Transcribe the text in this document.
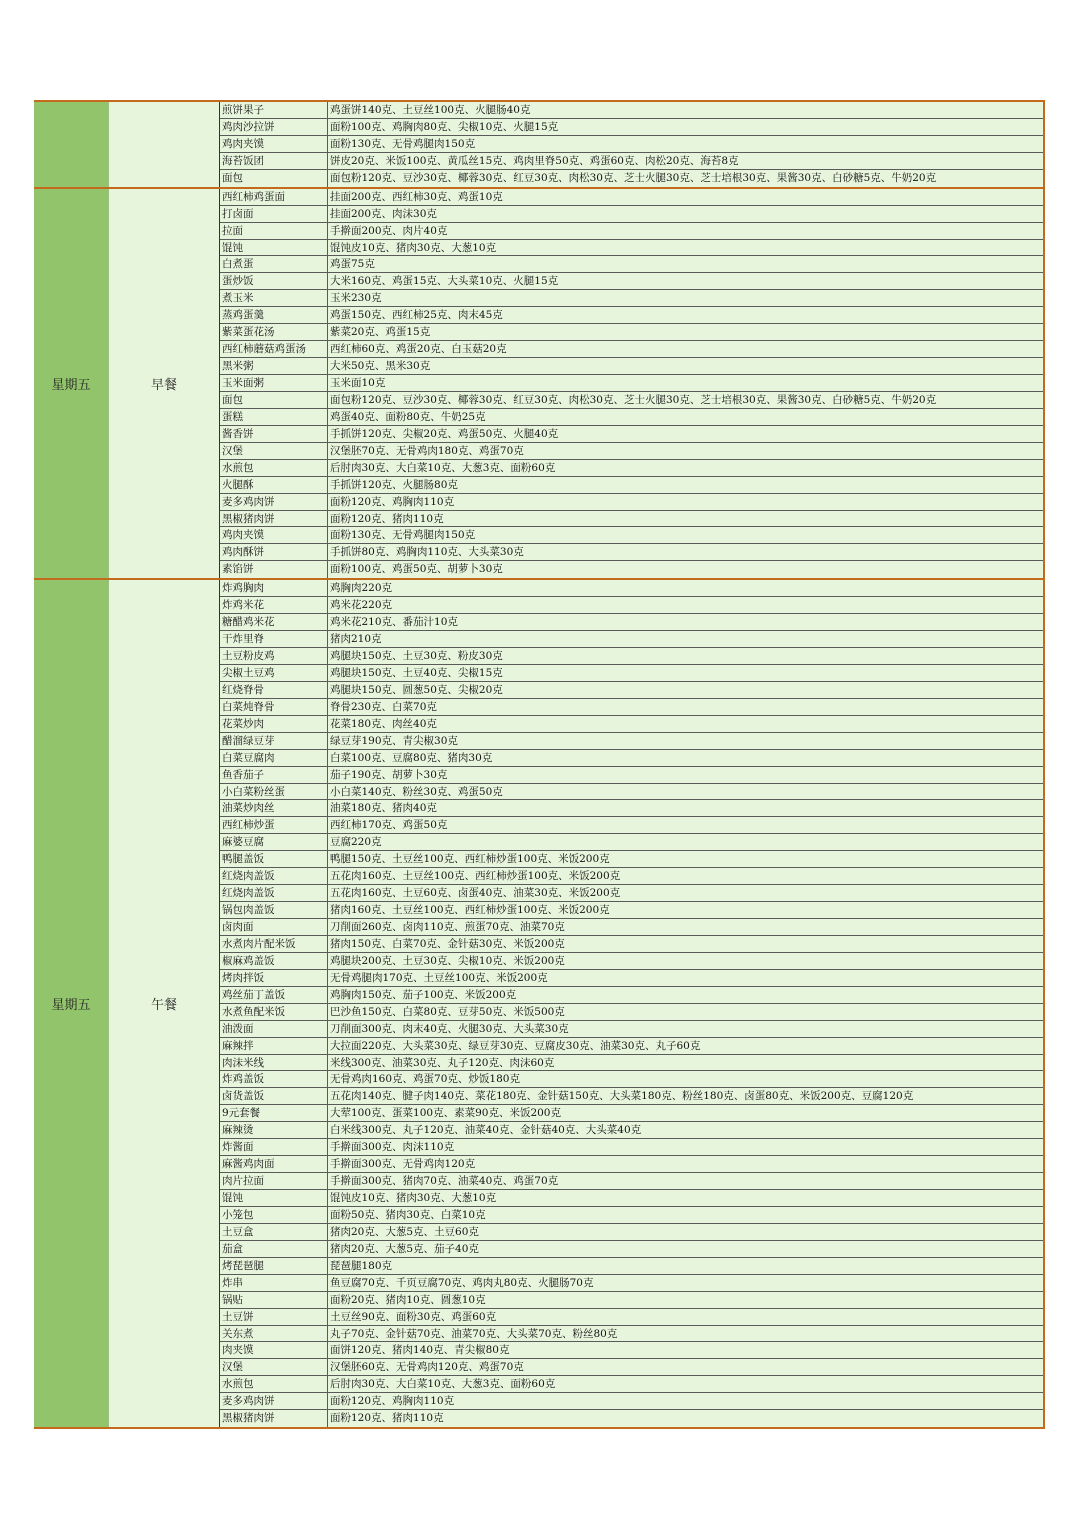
煎饼果子	鸡蛋饼140克、土豆丝100克、火腿肠40克
鸡肉沙拉饼	面粉100克、鸡胸肉80克、尖椒10克、火腿15克
鸡肉夹馍	面粉130克、无骨鸡腿肉150克
海苔饭团	饼皮20克、米饭100克、黄瓜丝15克、鸡肉里脊50克、鸡蛋60克、肉松20克、海苔8克
面包	面包粉120克、豆沙30克、椰蓉30克、红豆30克、肉松30克、芝士火腿30克、芝士培根30克、果酱30克、白砂糖5克、牛奶20克
星期五	早餐
西红柿鸡蛋面	挂面200克、西红柿30克、鸡蛋10克
打卤面	挂面200克、肉沫30克
拉面	手擀面200克、肉片40克
馄饨	馄饨皮10克、猪肉30克、大葱10克
白煮蛋	鸡蛋75克
蛋炒饭	大米160克、鸡蛋15克、大头菜10克、火腿15克
煮玉米	玉米230克
蒸鸡蛋羹	鸡蛋150克、西红柿25克、肉末45克
紫菜蛋花汤	紫菜20克、鸡蛋15克
西红柿蘑菇鸡蛋汤	西红柿60克、鸡蛋20克、白玉菇20克
黑米粥	大米50克、黑米30克
玉米面粥	玉米面10克
面包	面包粉120克、豆沙30克、椰蓉30克、红豆30克、肉松30克、芝士火腿30克、芝士培根30克、果酱30克、白砂糖5克、牛奶20克
蛋糕	鸡蛋40克、面粉80克、牛奶25克
酱香饼	手抓饼120克、尖椒20克、鸡蛋50克、火腿40克
汉堡	汉堡胚70克、无骨鸡肉180克、鸡蛋70克
水煎包	后肘肉30克、大白菜10克、大葱3克、面粉60克
火腿酥	手抓饼120克、火腿肠80克
麦多鸡肉饼	面粉120克、鸡胸肉110克
黑椒猪肉饼	面粉120克、猪肉110克
鸡肉夹馍	面粉130克、无骨鸡腿肉150克
鸡肉酥饼	手抓饼80克、鸡胸肉110克、大头菜30克
素馅饼	面粉100克、鸡蛋50克、胡萝卜30克
星期五	午餐
炸鸡胸肉	鸡胸肉220克
炸鸡米花	鸡米花220克
糖醋鸡米花	鸡米花210克、番茄汁10克
干炸里脊	猪肉210克
土豆粉皮鸡	鸡腿块150克、土豆30克、粉皮30克
尖椒土豆鸡	鸡腿块150克、土豆40克、尖椒15克
红烧脊骨	鸡腿块150克、圆葱50克、尖椒20克
白菜炖脊骨	脊骨230克、白菜70克
花菜炒肉	花菜180克、肉丝40克
醋溜绿豆芽	绿豆芽190克、青尖椒30克
白菜豆腐肉	白菜100克、豆腐80克、猪肉30克
鱼香茄子	茄子190克、胡萝卜30克
小白菜粉丝蛋	小白菜140克、粉丝30克、鸡蛋50克
油菜炒肉丝	油菜180克、猪肉40克
西红柿炒蛋	西红柿170克、鸡蛋50克
麻婆豆腐	豆腐220克
鸭腿盖饭	鸭腿150克、土豆丝100克、西红柿炒蛋100克、米饭200克
红烧肉盖饭	五花肉160克、土豆丝100克、西红柿炒蛋100克、米饭200克
红烧肉盖饭	五花肉160克、土豆60克、卤蛋40克、油菜30克、米饭200克
锅包肉盖饭	猪肉160克、土豆丝100克、西红柿炒蛋100克、米饭200克
卤肉面	刀削面260克、卤肉110克、煎蛋70克、油菜70克
水煮肉片配米饭	猪肉150克、白菜70克、金针菇30克、米饭200克
椒麻鸡盖饭	鸡腿块200克、土豆30克、尖椒10克、米饭200克
烤肉拌饭	无骨鸡腿肉170克、土豆丝100克、米饭200克
鸡丝茄丁盖饭	鸡胸肉150克、茄子100克、米饭200克
水煮鱼配米饭	巴沙鱼150克、白菜80克、豆芽50克、米饭500克
油泼面	刀削面300克、肉末40克、火腿30克、大头菜30克
麻辣拌	大拉面220克、大头菜30克、绿豆芽30克、豆腐皮30克、油菜30克、丸子60克
肉沫米线	米线300克、油菜30克、丸子120克、肉沫60克
炸鸡盖饭	无骨鸡肉160克、鸡蛋70克、炒饭180克
卤货盖饭	五花肉140克、腱子肉140克、菜花180克、金针菇150克、大头菜180克、粉丝180克、卤蛋80克、米饭200克、豆腐120克
9元套餐	大荤100克、蛋菜100克、素菜90克、米饭200克
麻辣烫	白米线300克、丸子120克、油菜40克、金针菇40克、大头菜40克
炸酱面	手擀面300克、肉沫110克
麻酱鸡肉面	手擀面300克、无骨鸡肉120克
肉片拉面	手擀面300克、猪肉70克、油菜40克、鸡蛋70克
馄饨	馄饨皮10克、猪肉30克、大葱10克
小笼包	面粉50克、猪肉30克、白菜10克
土豆盒	猪肉20克、大葱5克、土豆60克
茄盒	猪肉20克、大葱5克、茄子40克
烤琵琶腿	琵琶腿180克
炸串	鱼豆腐70克、千页豆腐70克、鸡肉丸80克、火腿肠70克
锅贴	面粉20克、猪肉10克、圆葱10克
土豆饼	土豆丝90克、面粉30克、鸡蛋60克
关东煮	丸子70克、金针菇70克、油菜70克、大头菜70克、粉丝80克
肉夹馍	面饼120克、猪肉140克、青尖椒80克
汉堡	汉堡胚60克、无骨鸡肉120克、鸡蛋70克
水煎包	后肘肉30克、大白菜10克、大葱3克、面粉60克
麦多鸡肉饼	面粉120克、鸡胸肉110克
黑椒猪肉饼	面粉120克、猪肉110克
